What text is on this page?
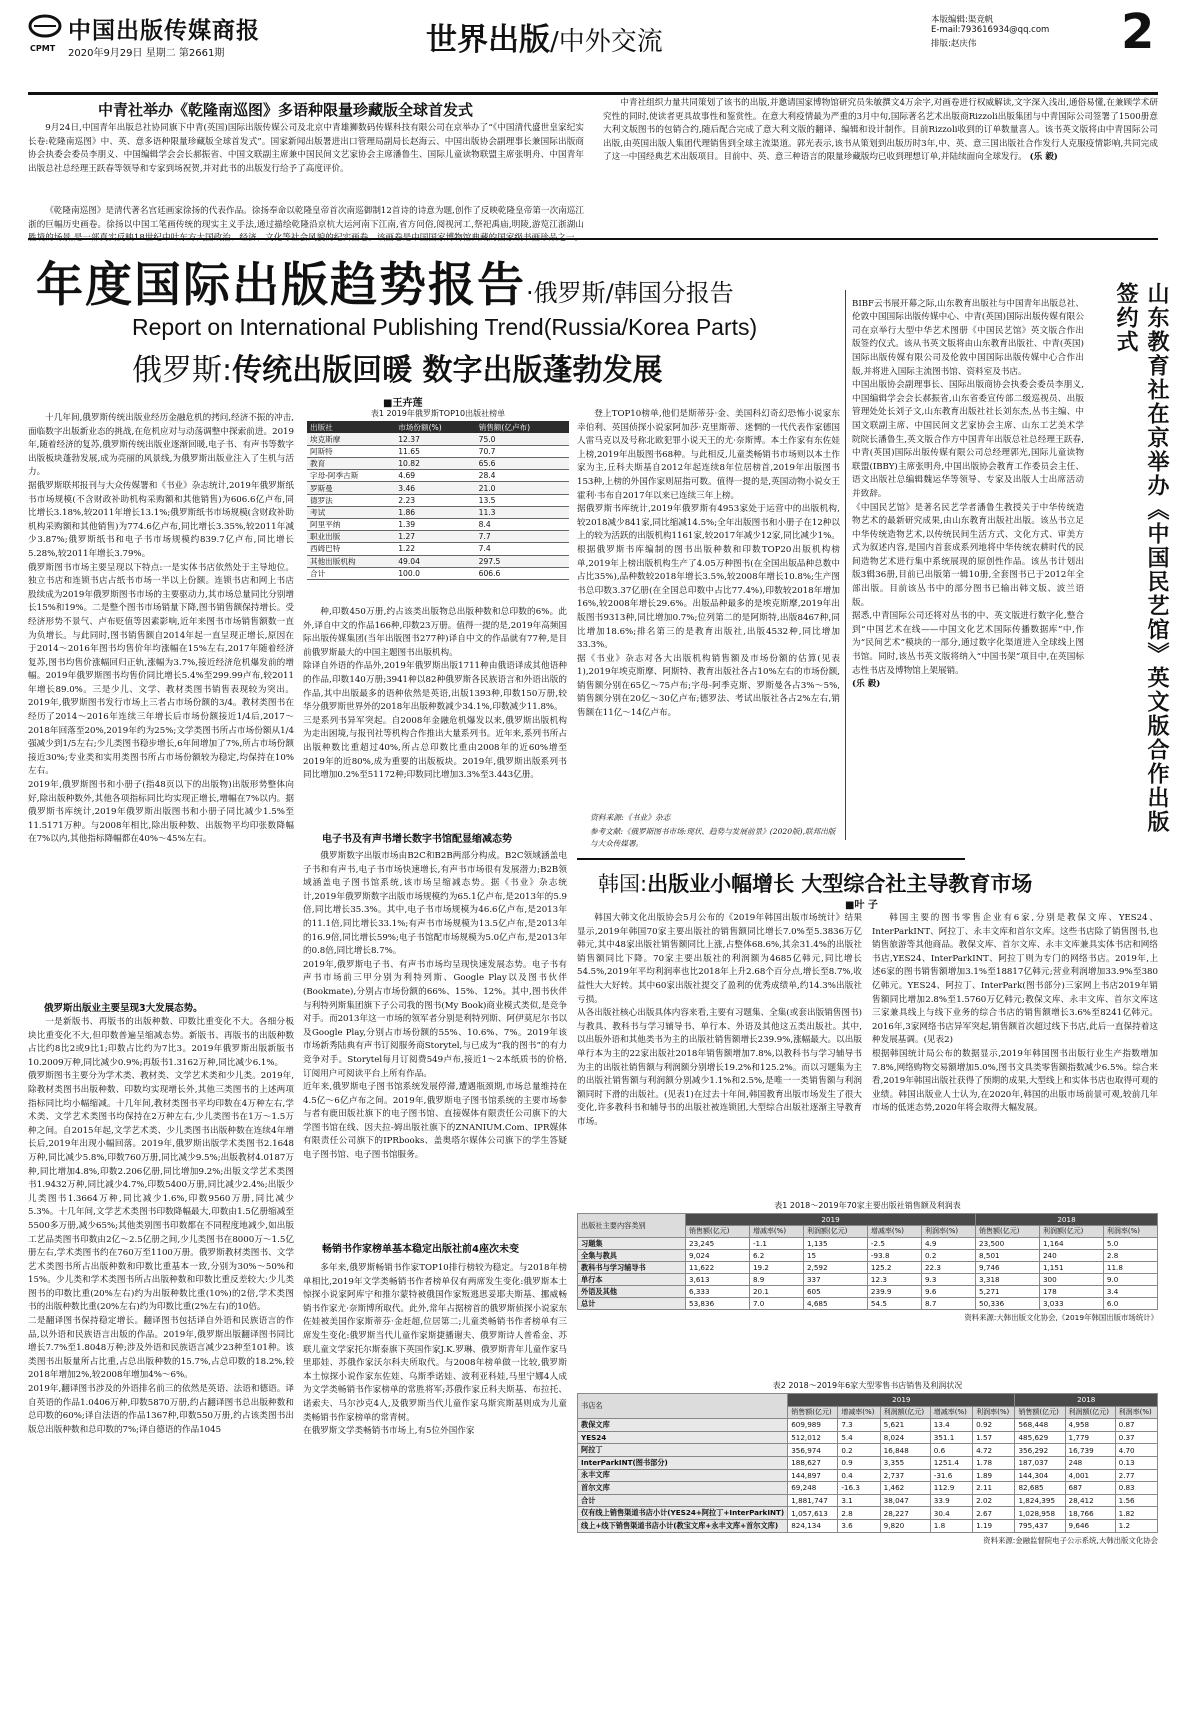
CPMT
中国出版传媒商报
2020年9月29日 星期二 第2661期	世界出版/中外交流
本版编辑:渠竞帆
E-mail:793616934@qq.com
排版:赵庆伟	2
中青社举办《乾隆南巡图》多语种限量珍藏版全球首发式
9月24日,中国青年出版总社协同旗下中青(英国)国际出版传媒公司及北京中青雄狮数码传媒科技有限公司在京举办了“《中国清代盛世皇家纪实长卷:乾隆南巡图》中、英、意多语种限量珍藏版全球首发式”。国家新闻出版署进出口管理局副局长赵海云、中国出版协会副理事长兼国际出版商协会执委会委员李朋义、中国编辑学会会长郝振省、中国文联副主席兼中国民间文艺家协会主席潘鲁生、国际儿童读物联盟主席张明舟、中国青年出版总社总经理王跃春等领导和专家到场祝贺,并对此书的出版发行给予了高度评价。
《乾隆南巡图》是清代著名宫廷画家徐扬的代表作品。徐扬奉命以乾隆皇帝首次南巡御制12首诗的诗意为题,创作了反映乾隆皇帝第一次南巡江浙的巨幅历史画卷。徐扬以中国工笔画传统的现实主义手法,通过描绘乾隆沿京杭大运河南下江南,省方问俗,阅视河工,祭祀禹庙,明陵,游览江浙湖山
中青社组织力量共同策划了该书的出版,并邀请国家博物馆研究员朱敏撰文4万余字,对画卷进行权威解读,文字深入浅出,通俗易懂,在兼顾学术研究性的同时,使读者更具故事性和鉴赏性。在意大利疫情最为严重的3月中旬,国际著名艺术出版商Rizzoli出版集团与中青国际公司签署了1500册意大利文版图书的包销合约,随后配合完成了意大利文版的翻译、编辑和设计制作。目前Rizzoli收到的订单数量喜人。该书英文版将由中青国际公司出版,由英国出版人集团代理销售到全球主流渠道。郭光表示,该书从策划到出版历时3年,中、英、意三国出版社合作发行人克服疫情影响,共同完成了这一中国经典艺术出版项目。目前中、英、意三种语言的限量珍藏版均已收到理想订单,并陆续面向全球发行。 (乐 毅)
年度国际出版趋势报告·俄罗斯/韩国分报告
Report on International Publishing Trend(Russia/Korea Parts)
俄罗斯:传统出版回暖 数字出版蓬勃发展
■王卉莲
十几年间,俄罗斯传统出版业经历金融危机的拷问,经济不振的冲击,面临数字出版新业态的挑战,在危机应对与动荡调整中探索前进。2019年,随着经济的复苏,俄罗斯传统出版业逐渐回暖,电子书、有声书等数字出版板块蓬勃发展,成为亮丽的风景线,为俄罗斯出版业注入了生机与活力。
据俄罗斯联邦报刊与大众传媒署和《书业》杂志统计,2019年俄罗斯纸书市场规模(不含财政补助机构采购额和其他销售)为606.6亿卢布,同比增长3.18%,较2011年增长13.1%;俄罗斯纸书市场规模(含财政补助机构采购额和其他销售)为774.6亿卢布,同比增长3.35%,较2011年减少3.87%;俄罗斯纸书和电子书市场规模约839.7亿卢布,同比增长5.28%,较2011年增长3.79%。
俄罗斯图书市场主要呈现以下特点:一是实体书店依然处于主导地位。独立书店和连锁书店占纸书市场一半以上份额。连锁书店和网上书店股续成为2019年俄罗斯图书市场的主要驱动力,其市场总量同比分别增长15%和19%。二是整个图书市场销量下降,图书销售额保持增长。受经济形势不景气、卢布贬值等因素影响,近年来图书市场销售额数一直为负增长。与此同时,图书销售额自2014年起一直呈现正增长,原因在于2014～2016年图书均售价年均涨幅在15%左右,2017年随着经济复苏,图书均售价涨幅回归正轨,涨幅为3.7%,接近经济危机爆发前的增幅。2019年俄罗斯图书均售价同比增长5.4%至299.99卢布,较2011年增长89.0%。三是少儿、文学、教材类图书销售表现较为突出。2019年,俄罗斯图书发行市场上三者占市场份额的3/4。教材类图书在经历了2014～2016年连续三年增长后市场份额接近1/4后,2017～2018年回落至20%,2019年约为25%;文学类图书所占市场份额从1/4强减少到1/5左右;少儿类图书稳步增长,6年间增加了7%,所占市场份额接近30%;专业类和实用类图书所占市场份额较为稳定,均保持在10%左右。
2019年,俄罗斯图书和小册子(指48页以下的出版物)出版形势整体向好,除出版种数外,其他各项指标同比均实现正增长,增幅在7%以内。据俄罗斯书库统计,2019年俄罗斯出版图书和小册子同比减少1.5%至11.5171万种。与2008年相比,除出版种数、出版物平均印张数降幅在7%以内,其他指标降幅都在40%～45%左右。
俄罗斯出版业主要呈现3大发展态势。
一是新版书、再版书的出版种数、印数比重变化不大。各细分板块比重变化不大,但印数普遍呈缩减态势。新版书、再版书的出版种数占比约8比2或9比1;印数占比约为7比3。2019年俄罗斯出版新版书10.2009万种,同比减少0.9%;再版书1.3162万种,同比减少6.1%。
俄罗斯图书主要分为学术类、教材类、文学艺术类和少儿类。2019年,除教材类图书出版种数、印数均实现增长外,其他三类图书的上述两项指标同比均小幅缩减。十几年间,教材类图书平均印数在4万种左右,学术类、文学艺术类图书均保持在2万种左右,少儿类图书在1万～1.5万种之间。自2015年起,文学艺术类、少儿类图书出版种数在连续4年增长后,2019年出现小幅回落。2019年,俄罗斯出版学术类图书2.1648万种,同比减少5.8%,印数760万册,同比减少9.5%;出版教材4.0187万种,同比增加4.8%,印数2.206亿册,同比增加9.2%;出版文学艺术类图书1.9432万种,同比减少4.7%,印数5400万册,同比减少2.4%;出版少儿类图书1.3664万种,同比减少1.6%,印数9560万册,同比减少5.3%。十几年间,文学艺术类图书印数降幅最大,印数由1.5亿册缩减至5500多万册,减少65%;其他类别图书印数都在不同程度地减少,如出版工艺品类图书印数由2亿～2.5亿册之间,少儿类图书在8000万～1.5亿册左右,学术类图书约在760万至1100万册。俄罗斯教材类图书、文学艺术类图书所占出版种数和印数比重基本一致,分别为30%～50%和15%。少儿类和学术类图书所占出版种数和印数比重反差较大:少儿类图书的印数比重(20%左右)约为出版种数比重(10%)的2倍,学术类图书的出版种数比重(20%左右)约为印数比重(2%左右)的10倍。
二是翻译图书保持稳定增长。翻译图书包括译自外语和民族语言的作品,以外语和民族语言出版的作品。2019年,俄罗斯出版翻译图书同比增长7.7%至1.8048万种;涉及外语和民族语言减少23种至101种。该类图书出版量所占比重,占总出版种数的15.7%,占总印数的18.2%,较2018年增加2%,较2008年增加4%～6%。
2019年,翻译图书涉及的外语排名前三的依然是英语、法语和德语。译自英语的作品1.0406万种,印数5870万册,约占翻译图书总出版种数和总印数的60%;译自法语的作品1367种,印数550万册,约占该类图书出版总出版种数和总印数的7%;译自德语的作品1045
表1 2019年俄罗斯TOP10出版社榜单
出版社	市场份额(%)	销售额(亿卢布)
埃克斯摩	12.37	75.0
阿斯特	11.65	70.7
教育	10.82	65.6
字母-阿季古斯	4.69	28.4
罗斯曼	3.46	21.0
德罗法	2.23	13.5
考试	1.86	11.3
阿里平纳	1.39	8.4
职业出版	1.27	7.7
西姆巴特	1.22	7.4
其他出版机构	49.04	297.5
合计	100.0	606.6
种,印数450万册,约占该类出版物总出版种数和总印数的6%。此外,译自中文的作品166种,印数23万册。值得一提的是,2019年高频国际出版传媒集团(当年出版图书277种)译自中文的作品就有77种,是目前俄罗斯最大的中国主题图书出版机构。
除译自外语的作品外,2019年俄罗斯出版1711种由俄语译成其他语种的作品,印数140万册;3941种以82种俄罗斯各民族语言和外语出版的作品,其中出版最多的语种依然是英语,出版1393种,印数150万册,较华分俄罗斯世界外的2018年出版种数减少34.1%,印数减少11.8%。
三是系列书异军突起。自2008年金融危机爆发以来,俄罗斯出版机构为走出困境,与报刊社等机构合作推出大量系列书。近年来,系列书所占出版种数比重超过40%,所占总印数比重由2008年的近60%增至2019年的近80%,成为重要的出版板块。2019年,俄罗斯出版系列书同比增加0.2%至51172种;印数同比增加3.3%至3.443亿册。
电子书及有声书增长数字书馆配显缩减态势
俄罗斯数字出版市场由B2C和B2B两部分构成。B2C领域涵盖电子书和有声书,电子书市场快速增长,有声书市场很有发展潜力;B2B领域涵盖电子图书馆系统,该市场呈缩减态势。据《书业》杂志统计,2019年俄罗斯数字出版市场规模约为65.1亿卢布,是2013年的5.9倍,同比增长35.3%。其中,电子书市场规模为46.6亿卢布,是2013年的11.1倍,同比增长33.1%;有声书市场规模为13.5亿卢布,是2013年的16.9倍,同比增长59%;电子书馆配市场规模为5.0亿卢布,是2013年的0.8倍,同比增长8.7%。
2019年,俄罗斯电子书、有声书市场均呈现快速发展态势。电子书有声书市场前三甲分别为利特列斯、Google Play以及图书伙伴(Bookmate),分别占市场份额的66%、15%、12%。其中,图书伙伴与利特列斯集团旗下子公司我的图书(My Book)商业模式类似,是竞争对手。而2013年这一市场的领军者分别是利特列斯、阿伊莫尼尔书以及Google Play,分别占市场份额的55%、10.6%、7%。2019年该市场新秀陆典有声书订阅服务商Storytel,与已成为“我的图书”的有力竞争对手。Storytel每月订阅费549卢布,接近1～2本纸质书的价格,订阅用户可阅读平台上所有作品。
近年来,俄罗斯电子图书馆系统发展停滞,遭遇瓶颈期,市场总量维持在4.5亿～6亿卢布之间。2019年,俄罗斯电子图书馆系统的主要市场参与者有鹿田版社旗下的电子图书馆、直接媒体有限责任公司旗下的大学图书馆在线、因夫拉-姆出版社旗下的ZNANIUM.Com、IPR媒体有限责任公司旗下的IPRbooks、盖奥塔尔媒体公司旗下的学生答疑电子图书馆、电子图书馆服务。
畅销书作家榜单基本稳定出版社前4座次未变
多年来,俄罗斯畅销书作家TOP10排行榜较为稳定。与2018年榜单相比,2019年文学类畅销书作者榜单仅有两席发生变化:俄罗斯本土惊探小说家阿库宁和推尔蒙特被俄国作家叛逃思妥耶夫斯基、挪威畅销书作家尤·奈斯博所取代。此外,常年占据榜首的俄罗斯侦探小说家东佐娃被美国作家斯蒂芬·金赶超,位居第二;儿童类畅销书作者榜单有三席发生变化:俄罗斯当代儿童作家斯捷播谢夫、俄罗斯诗人普希金、苏联儿童文学家托尔斯泰旗下英国作家J.K.罗琳、俄罗斯青年儿童作家马里耶娃、苏俄作家沃尔科夫所取代。与2008年榜单做一比较,俄罗斯本土惊探小说作家东佐娃、乌斯季诺娃、波利亚科娃,马里宁娜4人成为文学类畅销书作家榜单的常胜将军;苏俄作家丘科夫斯基、布拉托、诺索夫、马尔沙克4人,及俄罗斯当代儿童作家乌斯宾斯基则成为儿童类畅销书作家榜单的常青树。
在俄罗斯文学类畅销书市场上,有5位外国作家
登上TOP10榜单,他们是斯蒂芬·金、美国科幻奇幻恐怖小说家东幸伯利、英国侦探小说家阿加莎·克里斯蒂、迷惘的一代代表作家德国人雷马克以及号称北欧犯罪小说天王的尤·奈斯博。本土作家有东佐娃上榜,2019年出版图书68种。与此相反,儿童类畅销书市场则以本土作家为主,丘科夫斯基自2012年起连续8年位居榜首,2019年出版图书153种,上榜的外国作家则屈指可数。值得一提的是,英国动物小说女王霍利·韦布自2017年以来已连续三年上榜。
据俄罗斯书库统计,2019年俄罗斯有4953家处于运营中的出版机构,较2018减少841家,同比缩减14.5%;全年出版图书和小册子在12种以上的较为活跃的出版机构1161家,较2017年减少12家,同比减少1%。
根据俄罗斯书库编制的图书出版种数和印数TOP20出版机构榜单,2019年上榜出版机构生产了4.05万种图书(在全国出版品种总数中占比35%),品种数较2018年增长3.5%,较2008年增长10.8%;生产图书总印数3.37亿册(在全国总印数中占比77.4%),印数较2018年增加16%,较2008年增长29.6%。出版品种最多的是埃克斯摩,2019年出版图书9313种,同比增加0.7%;位列第二的是阿斯特,出版8467种,同比增加18.6%;排名第三的是教育出版社,出版4532种,同比增加33.3%。
据《书业》杂志对各大出版机构销售额及市场份额的估算(见表1),2019年埃克斯摩、阿斯特、教育出版社各占10%左右的市场份额,销售额分别在65亿～75卢布;字母-阿季克斯、罗斯曼各占3%～5%,销售额分别在20亿～30亿卢布;德罗法、考试出版社各占2%左右,销售额在11亿～14亿卢布。
资料来源:《书业》杂志
参考文献:《俄罗斯图书市场:现状、趋势与发展前景》(2020版),联邦出版与大众传媒署。

BIBF云书展开幕之际,山东教育出版社与中国青年出版总社、伦敦中国国际出版传媒中心、中青(英国)国际出版传媒有限公司在京举行大型中华艺术图册《中国民艺馆》英文版合作出版签约仪式。该从书英文版将由山东教育出版社、中青(英国)国际出版传媒有限公司及伦敦中国国际出版传媒中心合作出版,并将进入国际主流图书馆、资料室及书店。
中国出版协会副理事长、国际出版商协会执委会委员李朋义,中国编辑学会会长郝振省,山东省委宣传部二级巡视员、出版管理处处长刘子文,山东教育出版社社长刘东杰,丛书主编、中国文联副主席、中国民间文艺家协会主席、山东工艺美术学院院长潘鲁生,英文版合作方中国青年出版总社总经理王跃春,中青(英国)国际出版传媒有限公司总经理郭光,国际儿童读物联盟(IBBY)主席张明舟,中国出版协会教育工作委员会主任、语文出版社总编辑魏运华等领导、专家及出版人士出席活动并致辞。
《中国民艺馆》是著名民艺学者潘鲁生教授关于中华传统造物艺术的最新研究成果,由山东教育出版社出版。该丛书立足中华传统造物艺术,以传统民间生活方式、文化方式、审美方式为叙述内容,是国内首套成系列地将中华传统农耕时代的民间造物艺术进行集中系统展现的原创性作品。该丛书计划出版3辑36册,目前已出版第一辑10册,全套图书已于2012年全部出版。目前该丛书中的部分图书已输出韩文版、波兰语版。
据悉,中青国际公司还将对丛书的中、英文版进行数字化,整合到“中国艺术在线——中国文化艺术国际传播数据库”中,作为“民间艺术”模块的一部分,通过数字化渠道进入全球线上图书馆。同时,该丛书英文版将纳入“中国书架”项目中,在英国标志性书店及博物馆上架展销。
(乐 毅)	山东教育社在京举办《中国民艺馆》英文版合作出版签约式
韩国:出版业小幅增长 大型综合社主导教育市场
■叶 子
韩国大韩文化出版协会5月公布的《2019年韩国出版市场统计》结果显示,2019年韩国70家主要出版社的销售额同比增长7.0%至5.3836万亿韩元,其中48家出版社销售额同比上涨,占整体68.6%,其余31.4%的出版社销售额同比下降。70家主要出版社的利润额为4685亿韩元,同比增长54.5%,2019年平均利润率也比2018年上升2.68个百分点,增长至8.7%,收益性大大好转。其中60家出版社提交了盈利的优秀成绩单,约14.3%出版社亏损。
从各出版社核心出版具体内容来看,主要有习题集、全集(或套出版销售图书)与教具、教科书与学习辅导书、单行本、外语及其他这五类出版社。其中,以出版外语和其他类书为主的出版社销售额增长239.9%,涨幅最大。以出版单行本为主的22家出版社2018年销售额增加7.8%,以教科书与学习辅导书为主的出版社销售额与利润额分别增长19.2%和125.2%。而以习题集为主的出版社销售额与利润额分别减少1.1%和2.5%,是唯一一类销售额与利润额同时下滑的出版社。(见表1)在过去十年间,韩国教育出版市场发生了很大变化,许多教科书和辅导书的出版社被连锁团,大型综合出版社逐渐主导教育市场。
韩国主要的图书零售企业有6家,分别是教保文库、YES24、InterParkINT、阿拉丁、永丰文库和首尔文库。这些书店除了销售图书,也销售旅游等其他商品。教保文库、首尔文库、永丰文库兼具实体书店和网络书店,YES24、InterParkINT、阿拉丁则为专门的网络书店。2019年,上述6家的图书销售额增加3.1%至18817亿韩元;营业利润增加33.9%至380亿韩元。YES24、阿拉丁、InterPark(图书部分)三家网上书店2019年销售额同比增加2.8%至1.5760万亿韩元;教保文库、永丰文库、首尔文库这三家兼具线上与线下业务的综合书店的销售额增长3.6%至8241亿韩元。2016年,3家网络书店异军突起,销售额首次超过线下书店,此后一直保持着这种发展基调。(见表2)
根据韩国统计局公布的数据显示,2019年韩国图书出版行业生产指数增加7.8%,网络购物交易额增加5.0%,图书文具类零售额指数减少6.5%。综合来看,2019年韩国出版社获得了预期的成果,大型线上和实体书店也取得可观的业绩。韩国出版业人士认为,在2020年,韩国的出版市场前景可观,较前几年市场的低迷态势,2020年将会取得大幅发展。
表1 2018～2019年70家主要出版社销售额及利润表
出版社主要内容类别	2019					2018		
	销售额(亿元)	增减率(%)	利润额(亿元)	增减率(%)	利润率(%)	销售额(亿元)	利润额(亿元)	利润率(%)
习题集	23,245	-1.1	1,135	-2.5	4.9	23,500	1,164	5.0
全集与教具	9,024	6.2	15	-93.8	0.2	8,501	240	2.8
教科书与学习辅导书	11,622	19.2	2,592	125.2	22.3	9,746	1,151	11.8
单行本	3,613	8.9	337	12.3	9.3	3,318	300	9.0
外语及其他	6,333	20.1	605	239.9	9.6	5,271	178	3.4
总计	53,836	7.0	4,685	54.5	8.7	50,336	3,033	6.0
资料来源:大韩出版文化协会,《2019年韩国出版市场统计》
表2 2018～2019年6家大型零售书店销售及利润状况
书店名	2019					2018		
	销售额(亿元)	增减率(%)	利润额(亿元)	增减率(%)	利润率(%)	销售额(亿元)	利润额(亿元)	利润率(%)
教保文库	609,989	7.3	5,621	13.4	0.92	568,448	4,958	0.87
YES24	512,012	5.4	8,024	351.1	1.57	485,629	1,779	0.37
阿拉丁	356,974	0.2	16,848	0.6	4.72	356,292	16,739	4.70
InterParkINT(图书部分)	188,627	0.9	3,355	1251.4	1.78	187,037	248	0.13
永丰文库	144,897	0.4	2,737	-31.6	1.89	144,304	4,001	2.77
首尔文库	69,248	-16.3	1,462	112.9	2.11	82,685	687	0.83
合计	1,881,747	3.1	38,047	33.9	2.02	1,824,395	28,412	1.56
仅有线上销售渠道书店小计(YES24+阿拉丁+InterParkINT)	1,057,613	2.8	28,227	30.4	2.67	1,028,958	18,766	1.82
线上+线下销售渠道书店小计(教宝文库+永丰文库+首尔文库)	824,134	3.6	9,820	1.8	1.19	795,437	9,646	1.2
资料来源:金融监督院电子公示系统,大韩出版文化协会
